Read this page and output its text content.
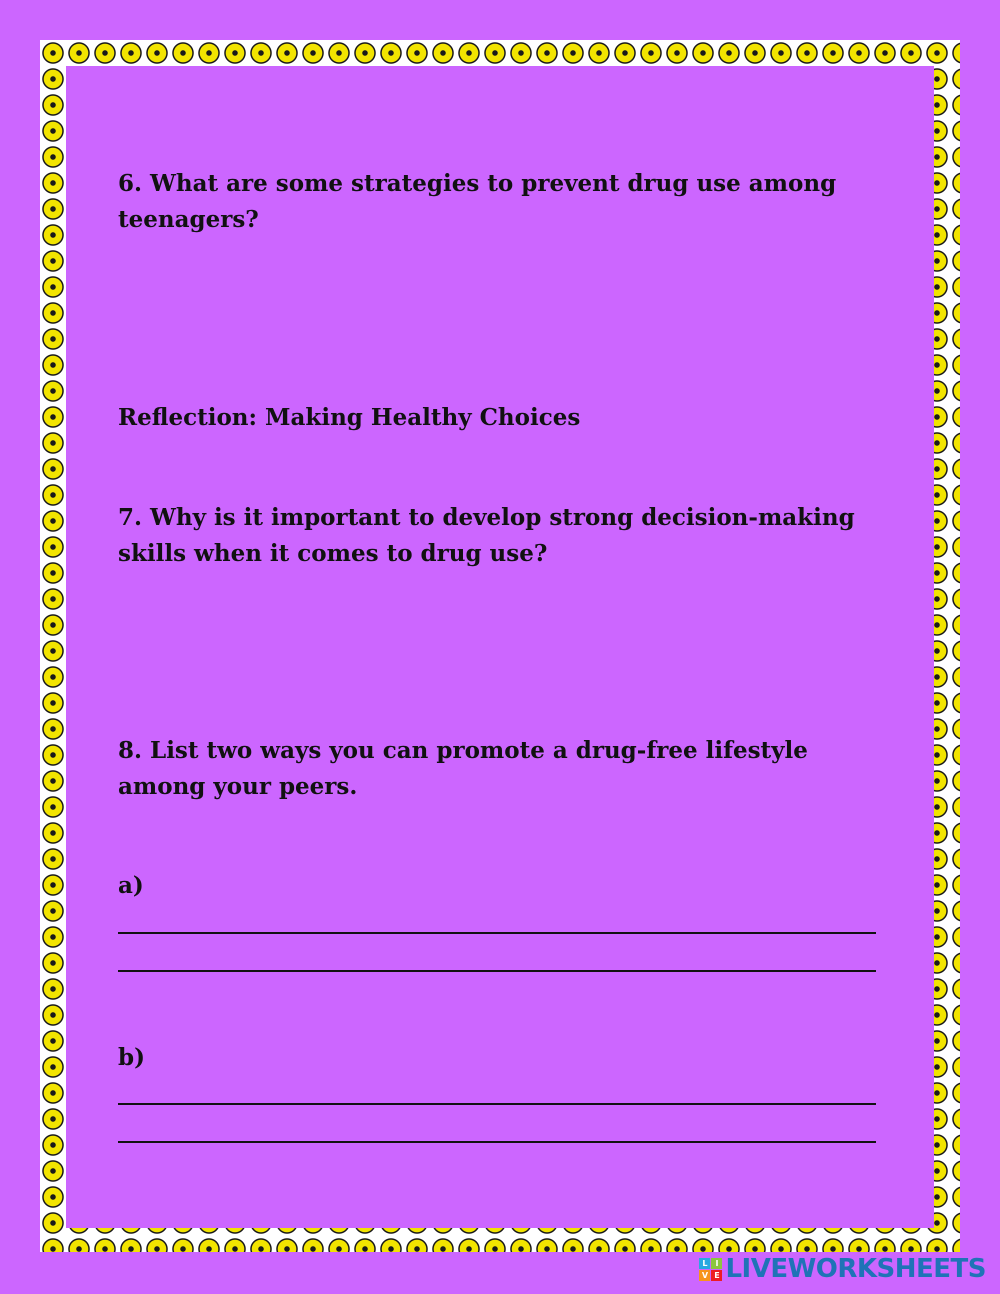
6. What are some strategies to prevent drug use among teenagers?

Reflection: Making Healthy Choices

7. Why is it important to develop strong decision-making skills when it comes to drug use?

8. List two ways you can promote a drug-free lifestyle among your peers.

a)

b)

L I
V E LIVEWORKSHEETS
